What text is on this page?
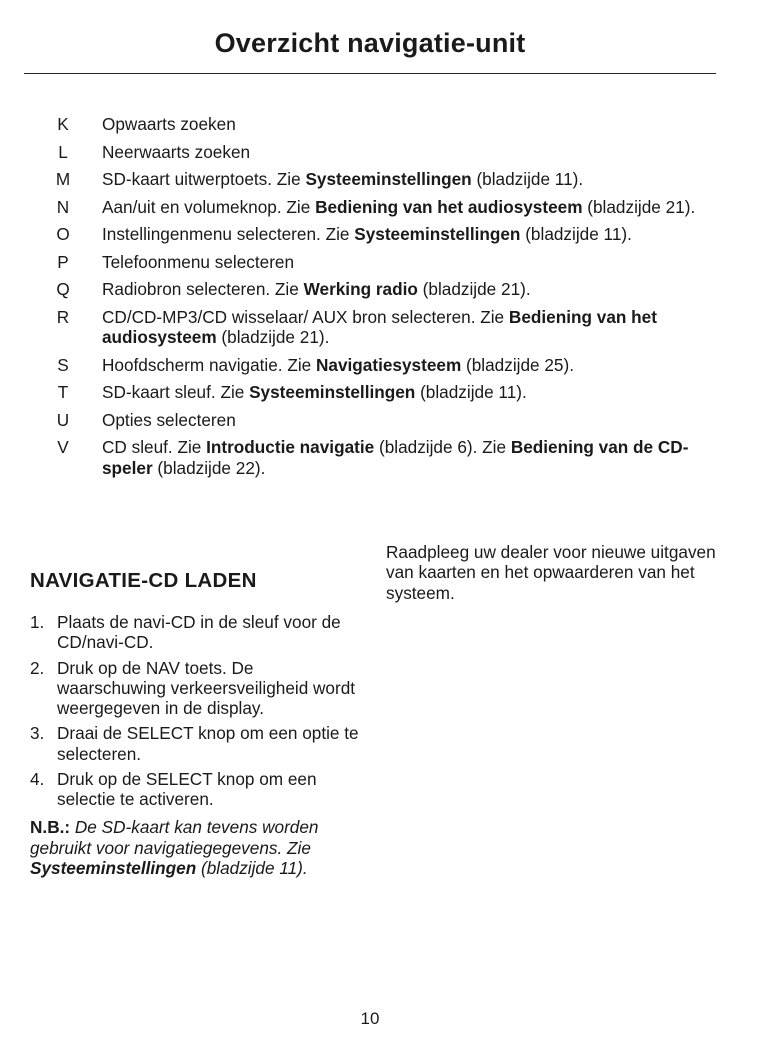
Overzicht navigatie-unit
K	Opwaarts zoeken
L	Neerwaarts zoeken
M	SD-kaart uitwerptoets. Zie Systeeminstellingen (bladzijde 11).
N	Aan/uit en volumeknop. Zie Bediening van het audiosysteem (bladzijde 21).
O	Instellingenmenu selecteren. Zie Systeeminstellingen (bladzijde 11).
P	Telefoonmenu selecteren
Q	Radiobron selecteren. Zie Werking radio (bladzijde 21).
R	CD/CD-MP3/CD wisselaar/ AUX bron selecteren. Zie Bediening van het audiosysteem (bladzijde 21).
S	Hoofdscherm navigatie. Zie Navigatiesysteem (bladzijde 25).
T	SD-kaart sleuf. Zie Systeeminstellingen (bladzijde 11).
U	Opties selecteren
V	CD sleuf. Zie Introductie navigatie (bladzijde 6). Zie Bediening van de CD-speler (bladzijde 22).
NAVIGATIE-CD LADEN
1. Plaats de navi-CD in de sleuf voor de CD/navi-CD.
2. Druk op de NAV toets. De waarschuwing verkeersveiligheid wordt weergegeven in de display.
3. Draai de SELECT knop om een optie te selecteren.
4. Druk op de SELECT knop om een selectie te activeren.
N.B.: De SD-kaart kan tevens worden gebruikt voor navigatiegegevens. Zie Systeeminstellingen (bladzijde 11).
Raadpleeg uw dealer voor nieuwe uitgaven van kaarten en het opwaarderen van het systeem.
10
